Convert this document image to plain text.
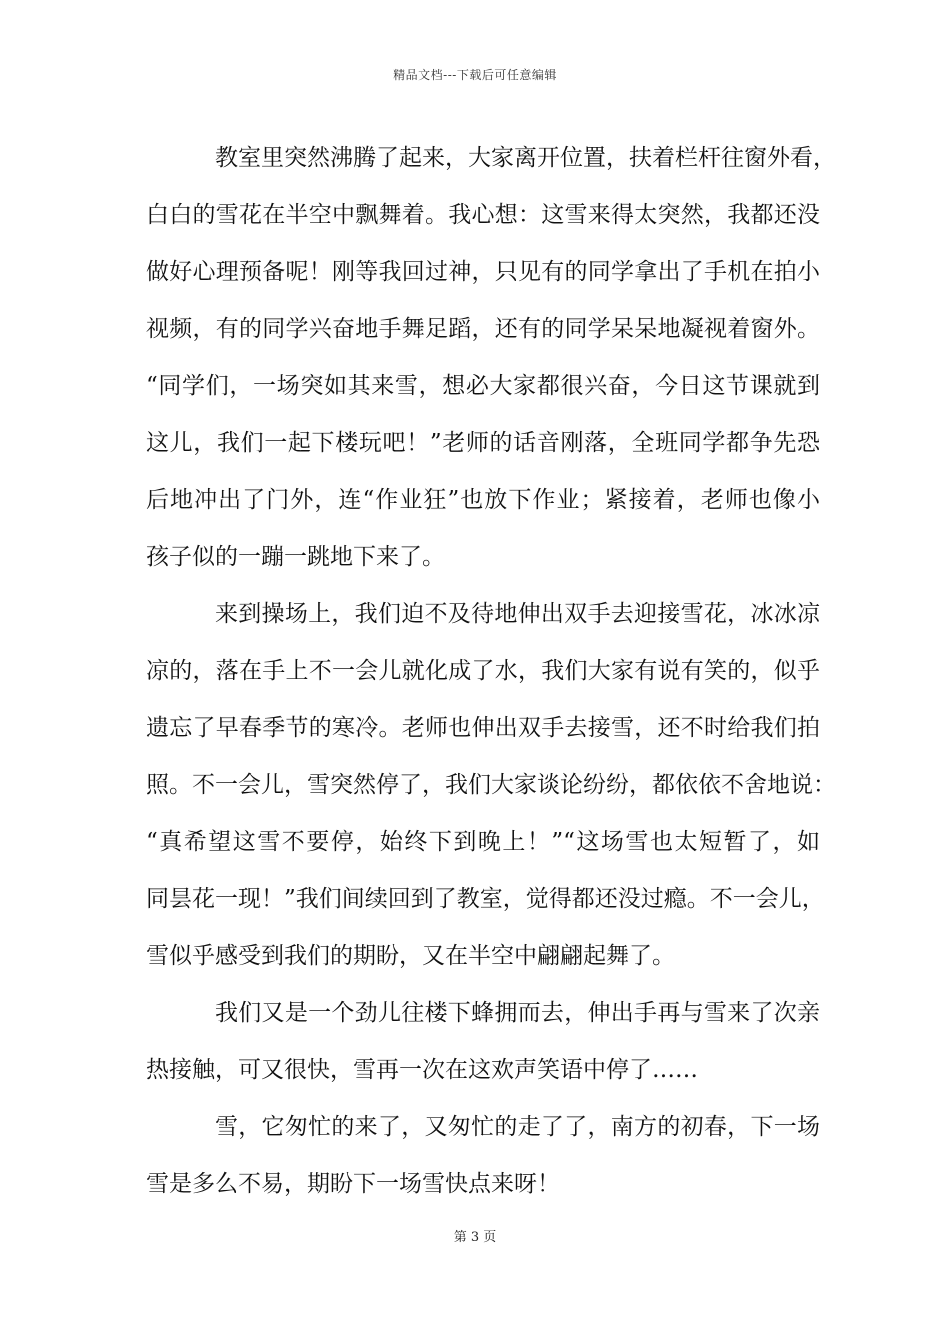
精品文档---下载后可任意编辑
教室里突然沸腾了起来，大家离开位置，扶着栏杆往窗外看，
白白的雪花在半空中飘舞着。我心想：这雪来得太突然，我都还没
做好心理预备呢！刚等我回过神，只见有的同学拿出了手机在拍小
视频，有的同学兴奋地手舞足蹈，还有的同学呆呆地凝视着窗外。
“同学们，一场突如其来雪，想必大家都很兴奋，今日这节课就到
这儿，我们一起下楼玩吧！”老师的话音刚落，全班同学都争先恐
后地冲出了门外，连“作业狂”也放下作业；紧接着，老师也像小
孩子似的一蹦一跳地下来了。
来到操场上，我们迫不及待地伸出双手去迎接雪花，冰冰凉
凉的，落在手上不一会儿就化成了水，我们大家有说有笑的，似乎
遗忘了早春季节的寒冷。老师也伸出双手去接雪，还不时给我们拍
照。不一会儿，雪突然停了，我们大家谈论纷纷，都依依不舍地说：
“真希望这雪不要停，始终下到晚上！”“这场雪也太短暂了，如
同昙花一现！”我们间续回到了教室，觉得都还没过瘾。不一会儿，
雪似乎感受到我们的期盼，又在半空中翩翩起舞了。
我们又是一个劲儿往楼下蜂拥而去，伸出手再与雪来了次亲
热接触，可又很快，雪再一次在这欢声笑语中停了……
雪，它匆忙的来了，又匆忙的走了了，南方的初春，下一场
雪是多么不易，期盼下一场雪快点来呀！
第 3 页
